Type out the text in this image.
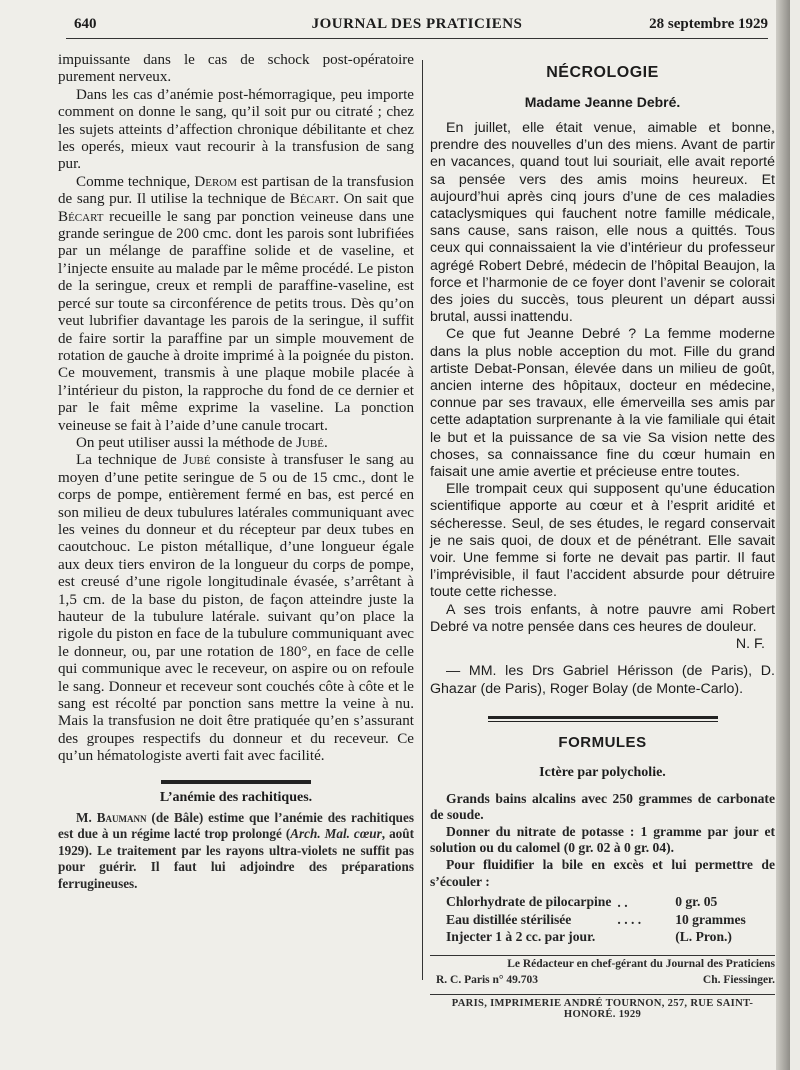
640	JOURNAL DES PRATICIENS	28 septembre 1929

impuissante dans le cas de schock post-opératoire purement nerveux.

Dans les cas d’anémie post-hémorragique, peu importe comment on donne le sang, qu’il soit pur ou citraté ; chez les sujets atteints d’affection chronique débilitante et chez les operés, mieux vaut recourir à la transfusion de sang pur.

Comme technique, Derom est partisan de la transfusion de sang pur. Il utilise la technique de Bécart. On sait que Bécart recueille le sang par ponction veineuse dans une grande seringue de 200 cmc. dont les parois sont lubrifiées par un mélange de paraffine solide et de vaseline, et l’injecte ensuite au malade par le même procédé. Le piston de la seringue, creux et rempli de paraffine-vaseline, est percé sur toute sa circonférence de petits trous. Dès qu’on veut lubrifier davantage les parois de la seringue, il suffit de faire sortir la paraffine par un simple mouvement de rotation de gauche à droite imprimé à la poignée du piston. Ce mouvement, transmis à une plaque mobile placée à l’intérieur du piston, la rapproche du fond de ce dernier et par le fait même exprime la vaseline. La ponction veineuse se fait à l’aide d’une canule trocart.

On peut utiliser aussi la méthode de Jubé.

La technique de Jubé consiste à transfuser le sang au moyen d’une petite seringue de 5 ou de 15 cmc., dont le corps de pompe, entièrement fermé en bas, est percé en son milieu de deux tubulures latérales communiquant avec les veines du donneur et du récepteur par deux tubes en caoutchouc. Le piston métallique, d’une longueur égale aux deux tiers environ de la longueur du corps de pompe, est creusé d’une rigole longitudinale évasée, s’arrêtant à 1,5 cm. de la base du piston, de façon atteindre juste la hauteur de la tubulure latérale. suivant qu’on place la rigole du piston en face de la tubulure communiquant avec le donneur, ou, par une rotation de 180°, en face de celle qui communique avec le receveur, on aspire ou on refoule le sang. Donneur et receveur sont couchés côte à côte et le sang est récolté par ponction sans mettre la veine à nu. Mais la transfusion ne doit être pratiquée qu’en s’assurant des groupes respectifs du donneur et du receveur. Ce qu’un hématologiste averti fait avec facilité.

L’anémie des rachitiques.

M. Baumann (de Bâle) estime que l’anémie des rachitiques est due à un régime lacté trop prolongé (Arch. Mal. cœur, août 1929). Le traitement par les rayons ultra-violets ne suffit pas pour guérir. Il faut lui adjoindre des préparations ferrugineuses.

NÉCROLOGIE
Madame Jeanne Debré.

En juillet, elle était venue, aimable et bonne, prendre des nouvelles d’un des miens. Avant de partir en vacances, quand tout lui souriait, elle avait reporté sa pensée vers des amis moins heureux. Et aujourd’hui après cinq jours d’une de ces maladies cataclysmiques qui fauchent notre famille médicale, sans cause, sans raison, elle nous a quittés. Tous ceux qui connaissaient la vie d’intérieur du professeur agrégé Robert Debré, médecin de l’hôpital Beaujon, la force et l’harmonie de ce foyer dont l’avenir se colorait des joies du succès, tous pleurent un départ aussi brutal, aussi inattendu.

Ce que fut Jeanne Debré ? La femme moderne dans la plus noble acception du mot. Fille du grand artiste Debat-Ponsan, élevée dans un milieu de goût, ancien interne des hôpitaux, docteur en médecine, connue par ses travaux, elle émerveilla ses amis par cette adaptation surprenante à la vie familiale qui était le but et la puissance de sa vie Sa vision nette des choses, sa connaissance fine du cœur humain en faisait une amie avertie et précieuse entre toutes.

Elle trompait ceux qui supposent qu’une éducation scientifique apporte au cœur et à l’esprit aridité et sécheresse. Seul, de ses études, le regard conservait je ne sais quoi, de doux et de pénétrant. Elle savait voir. Une femme si forte ne devait pas partir. Il faut l’imprévisible, il faut l’accident absurde pour détruire toute cette richesse.

A ses trois enfants, à notre pauvre ami Robert Debré va notre pensée dans ces heures de douleur.

N. F.

— MM. les Drs Gabriel Hérisson (de Paris), D. Ghazar (de Paris), Roger Bolay (de Monte-Carlo).

FORMULES
Ictère par polycholie.

Grands bains alcalins avec 250 grammes de carbonate de soude.

Donner du nitrate de potasse : 1 gramme par jour et solution ou du calomel (0 gr. 02 à 0 gr. 04).

Pour fluidifier la bile en excès et lui permettre de s’écouler :

Chlorhydrate de pilocarpine	. .	0 gr. 05
Eau distillée stérilisée	. . . .	10 grammes
Injecter 1 à 2 cc. par jour.		(L. Pron.)
Le Rédacteur en chef-gérant du Journal des Praticiens
R. C. Paris n° 49.703	Ch. Fiessinger.
PARIS, IMPRIMERIE ANDRÉ TOURNON, 257, RUE SAINT-HONORÉ. 1929
